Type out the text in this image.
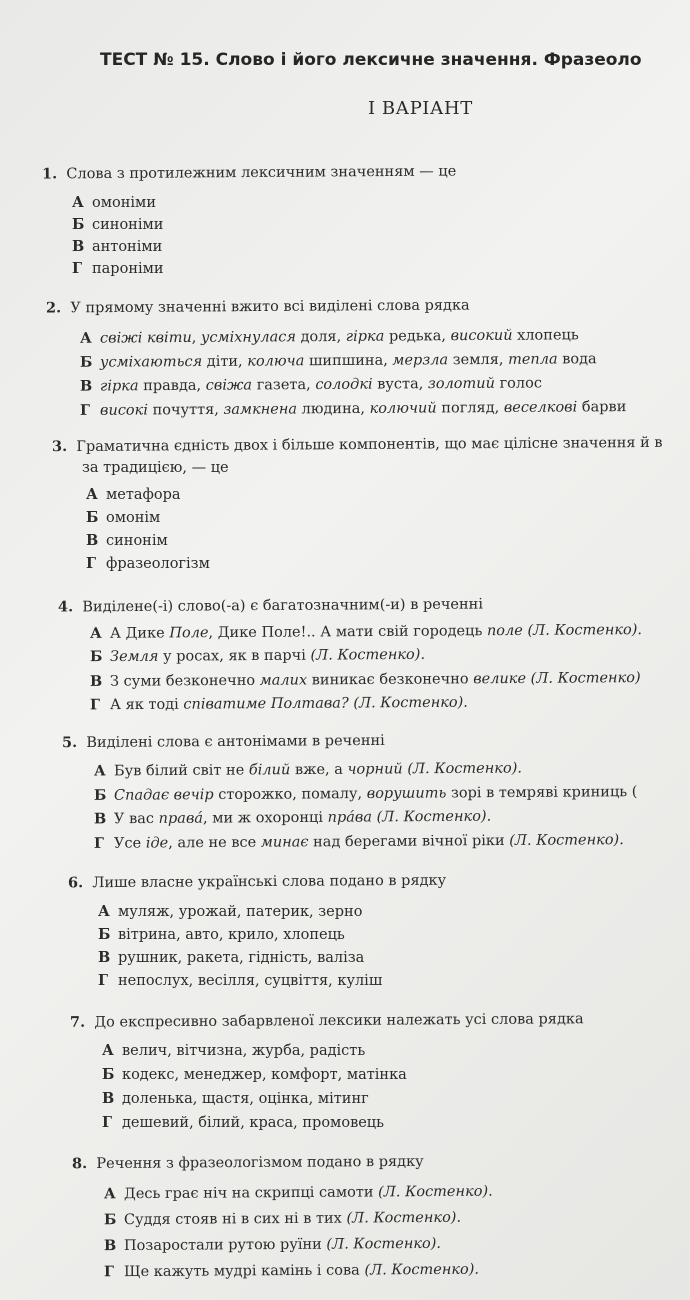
ТЕСТ № 15. Слово і його лексичне значення. Фразеоло
І ВАРІАНТ
1. Слова з протилежним лексичним значенням — це
А омоніми
Б синоніми
В антоніми
Г пароніми
2. У прямому значенні вжито всі виділені слова рядка
А свіжі квіти, усміхнулася доля, гірка редька, високий хлопець
Б усміхаються діти, колюча шипшина, мерзла земля, тепла вода
В гірка правда, свіжа газета, солодкі вуста, золотий голос
Г високі почуття, замкнена людина, колючий погляд, веселкові барви
3. Граматична єдність двох і більше компонентів, що має цілісне значення й в
за традицією, — це
А метафора
Б омонім
В синонім
Г фразеологізм
4. Виділене(-і) слово(-а) є багатозначним(-и) в реченні
А А Дике Поле, Дике Поле!.. А мати свій городець поле (Л. Костенко).
Б Земля у росах, як в парчі (Л. Костенко).
В З суми безконечно малих виникає безконечно велике (Л. Костенко)
Г А як тоді співатиме Полтава? (Л. Костенко).
5. Виділені слова є антонімами в реченні
А Був білий світ не білий вже, а чорний (Л. Костенко).
Б Спадає вечір сторожко, помалу, ворушить зорі в темряві криниць (
В У вас правá, ми ж охоронці прáва (Л. Костенко).
Г Усе іде, але не все минає над берегами вічної ріки (Л. Костенко).
6. Лише власне українські слова подано в рядку
А муляж, урожай, патерик, зерно
Б вітрина, авто, крило, хлопець
В рушник, ракета, гідність, валіза
Г непослух, весілля, суцвіття, куліш
7. До експресивно забарвленої лексики належать усі слова рядка
А велич, вітчизна, журба, радість
Б кодекс, менеджер, комфорт, матінка
В доленька, щастя, оцінка, мітинг
Г дешевий, білий, краса, промовець
8. Речення з фразеологізмом подано в рядку
А Десь грає ніч на скрипці самоти (Л. Костенко).
Б Суддя стояв ні в сих ні в тих (Л. Костенко).
В Позаростали рутою руїни (Л. Костенко).
Г Ще кажуть мудрі камінь і сова (Л. Костенко).
